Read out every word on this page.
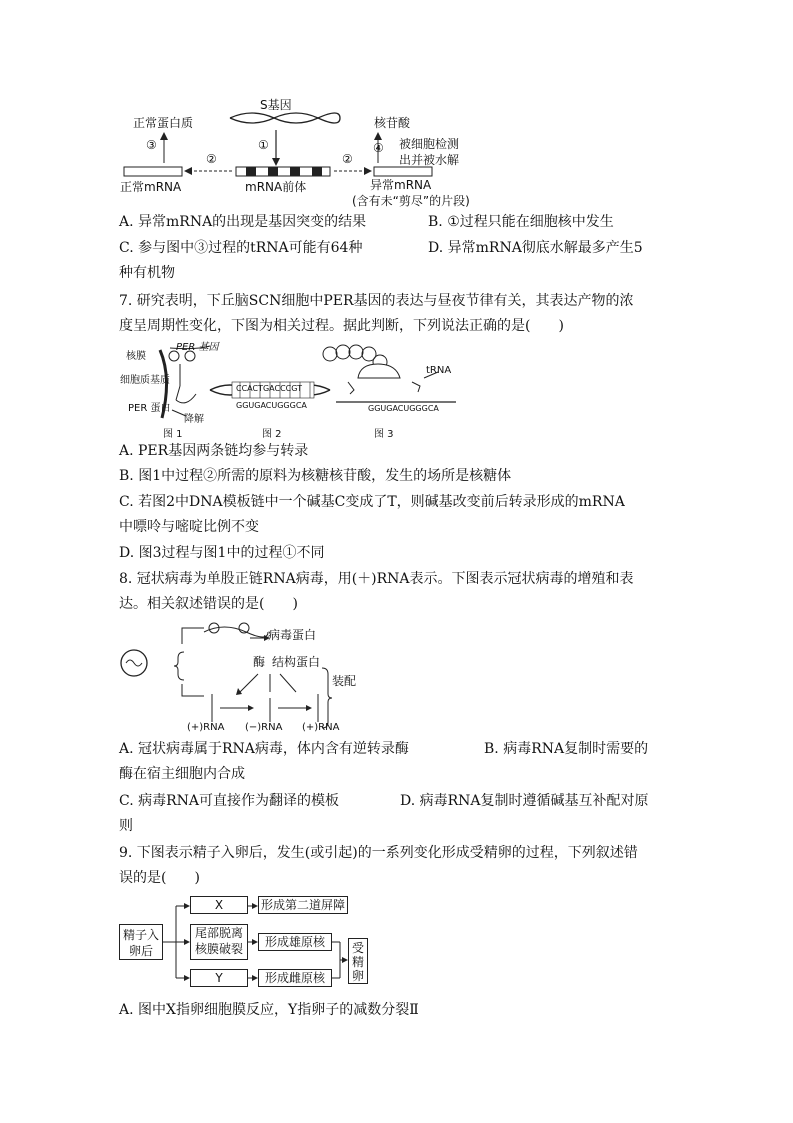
S基因
正常蛋白质	核苷酸
被细胞检测
出并被水解
③	①
②	②
④
正常mRNA	mRNA前体	异常mRNA
(含有未“剪尽”的片段)
A. 异常mRNA的出现是基因突变的结果	B. ①过程只能在细胞核中发生
C. 参与图中③过程的tRNA可能有64种	D. 异常mRNA彻底水解最多产生5
种有机物
7. 研究表明，下丘脑SCN细胞中PER基因的表达与昼夜节律有关，其表达产物的浓
度呈周期性变化，下图为相关过程。据此判断，下列说法正确的是(　　)
核膜
PER 基因
细胞质基质
PER 蛋白
降解
CCACTGACCCGT
GGUGACUGGGCA
tRNA
GGUGACUGGGCA
图 1	图 2	图 3
A. PER基因两条链均参与转录
B. 图1中过程②所需的原料为核糖核苷酸，发生的场所是核糖体
C. 若图2中DNA模板链中一个碱基C变成了T，则碱基改变前后转录形成的mRNA
中嘌呤与嘧啶比例不变
D. 图3过程与图1中的过程①不同
8. 冠状病毒为单股正链RNA病毒，用(＋)RNA表示。下图表示冠状病毒的增殖和表
达。相关叙述错误的是(　　)
病毒蛋白
酶 结构蛋白
装配
(+)RNA (−)RNA (+)RNA
A. 冠状病毒属于RNA病毒，体内含有逆转录酶	B. 病毒RNA复制时需要的
酶在宿主细胞内合成
C. 病毒RNA可直接作为翻译的模板	D. 病毒RNA复制时遵循碱基互补配对原
则
9. 下图表示精子入卵后，发生(或引起)的一系列变化形成受精卵的过程，下列叙述错
误的是(　　)
精子入卵后
X
尾部脱离
核膜破裂
Y
形成第二道屏障
形成雄原核
形成雌原核
受精卵
A. 图中X指卵细胞膜反应，Y指卵子的减数分裂Ⅱ
